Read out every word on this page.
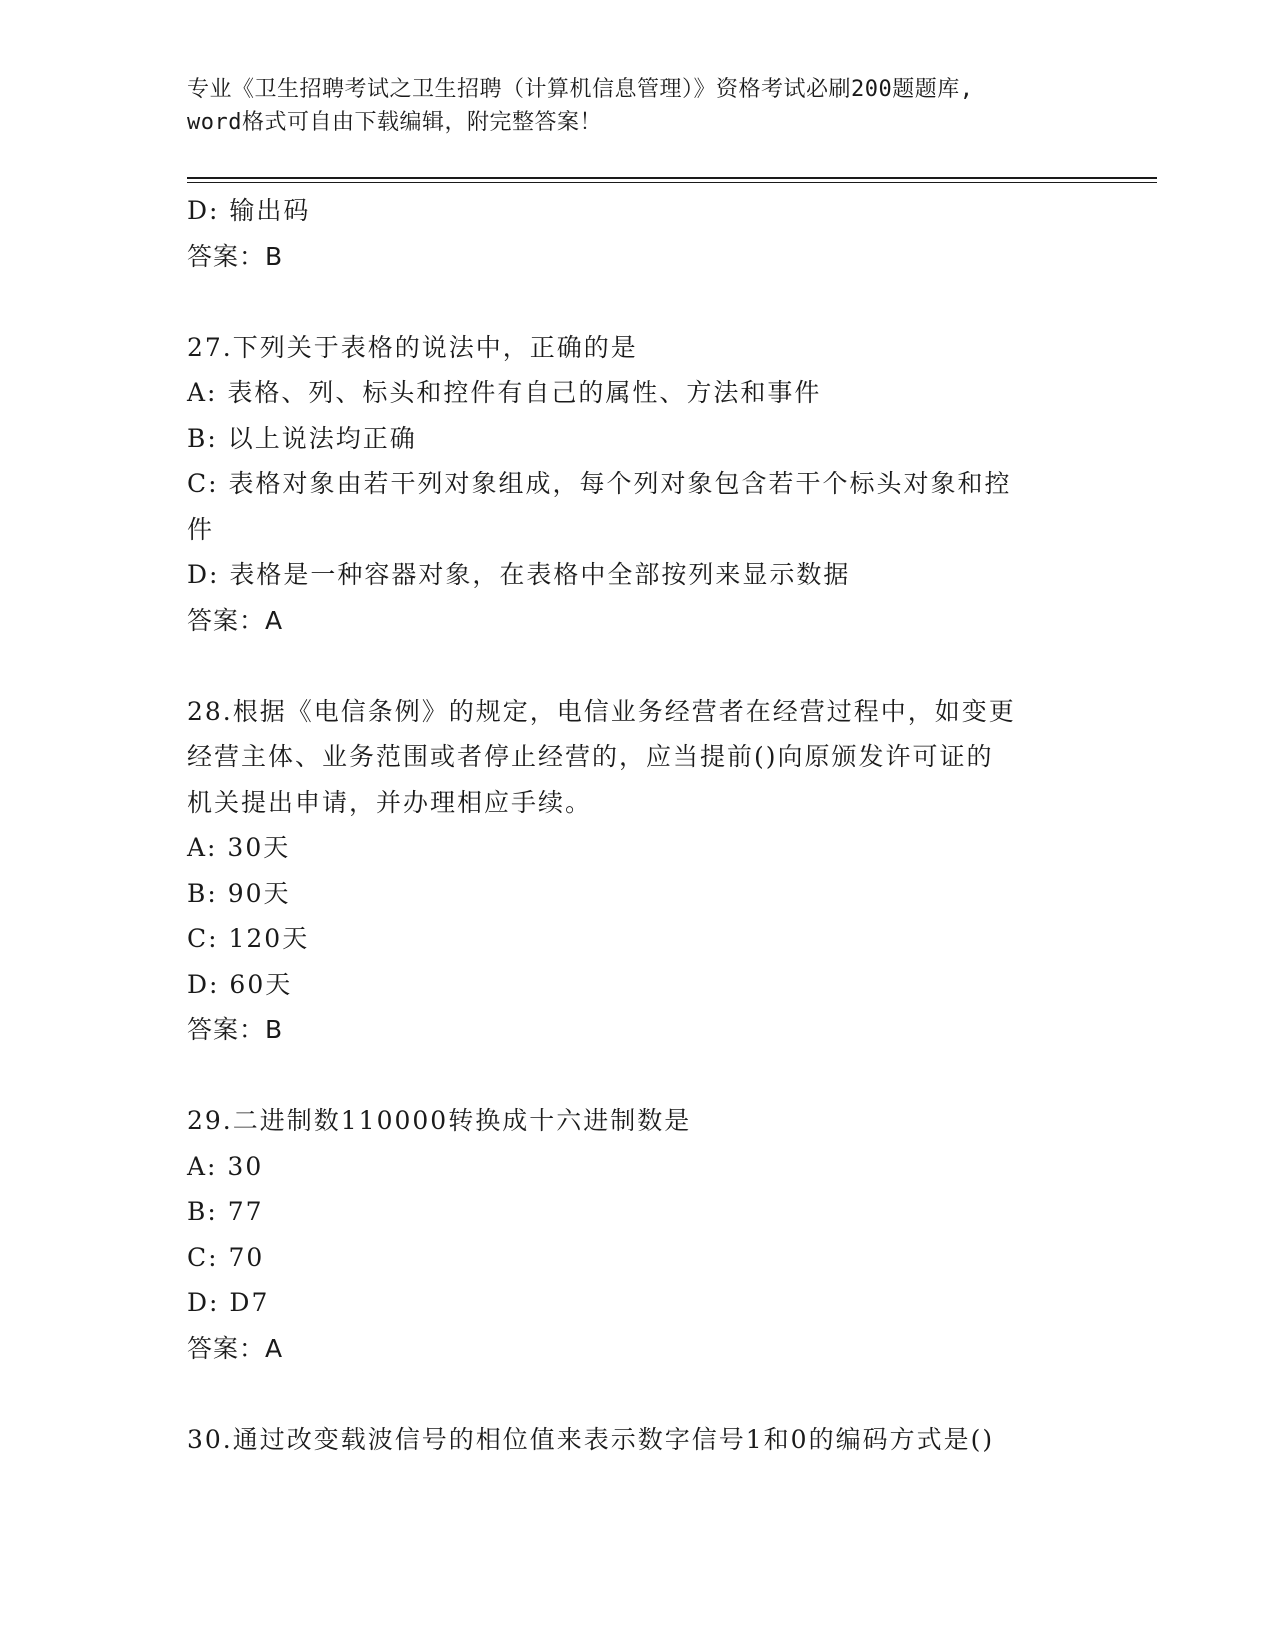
专业《卫生招聘考试之卫生招聘（计算机信息管理）》资格考试必刷200题题库,
word格式可自由下载编辑，附完整答案！

D: 输出码

答案：B

27.下列关于表格的说法中，正确的是

A: 表格、列、标头和控件有自己的属性、方法和事件

B: 以上说法均正确

C: 表格对象由若干列对象组成，每个列对象包含若干个标头对象和控

件

D: 表格是一种容器对象，在表格中全部按列来显示数据

答案：A

28.根据《电信条例》的规定，电信业务经营者在经营过程中，如变更

经营主体、业务范围或者停止经营的，应当提前()向原颁发许可证的

机关提出申请，并办理相应手续。

A: 30天

B: 90天

C: 120天

D: 60天

答案：B

29.二进制数110000转换成十六进制数是

A: 30

B: 77

C: 70

D: D7

答案：A

30.通过改变载波信号的相位值来表示数字信号1和0的编码方式是()
